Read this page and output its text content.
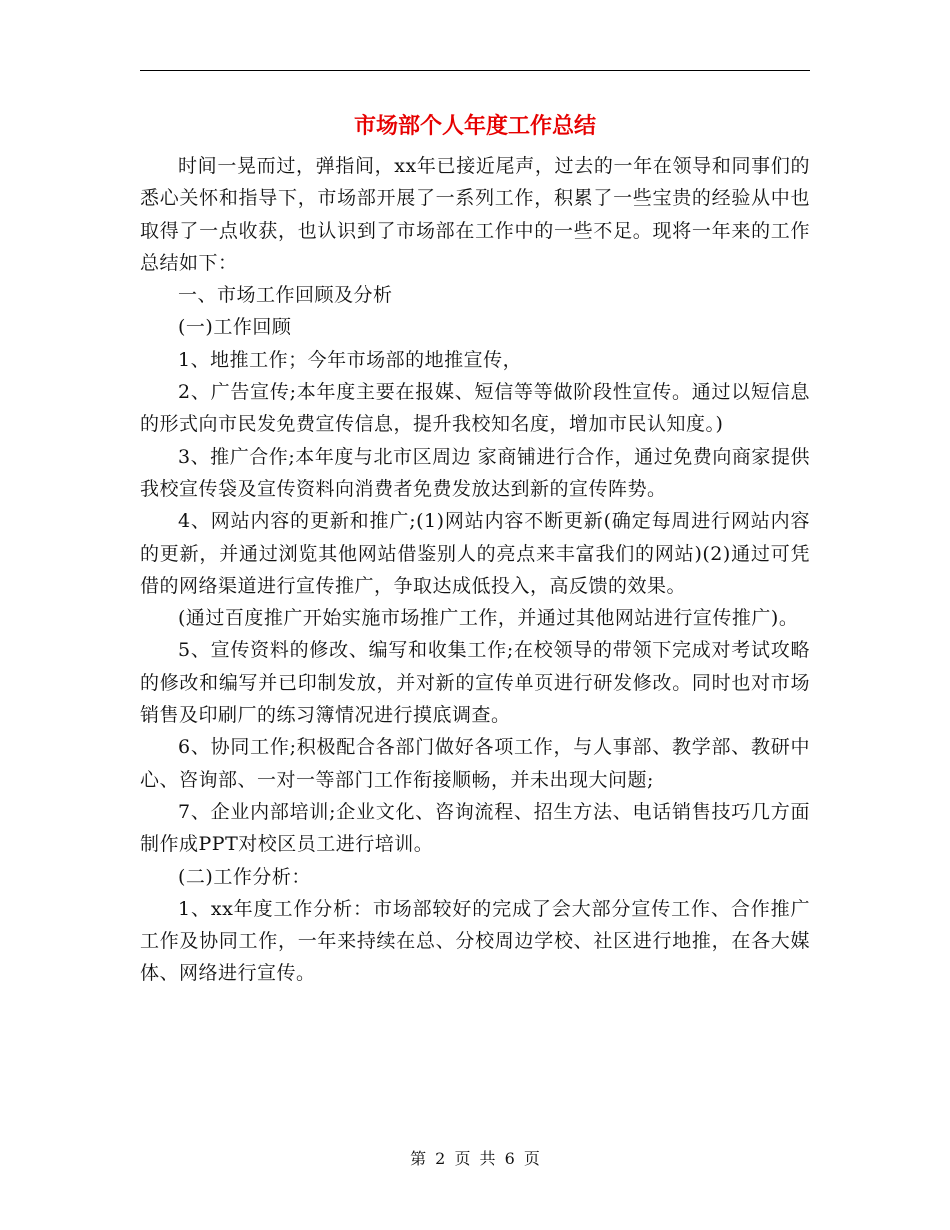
市场部个人年度工作总结

时间一晃而过，弹指间，xx年已接近尾声，过去的一年在领导和同事们的悉心关怀和指导下，市场部开展了一系列工作，积累了一些宝贵的经验从中也取得了一点收获，也认识到了市场部在工作中的一些不足。现将一年来的工作总结如下：

一、市场工作回顾及分析

(一)工作回顾

1、地推工作；今年市场部的地推宣传，

2、广告宣传;本年度主要在报媒、短信等等做阶段性宣传。通过以短信息的形式向市民发免费宣传信息，提升我校知名度，增加市民认知度。)

3、推广合作;本年度与北市区周边 家商铺进行合作，通过免费向商家提供我校宣传袋及宣传资料向消费者免费发放达到新的宣传阵势。

4、网站内容的更新和推广;(1)网站内容不断更新(确定每周进行网站内容的更新，并通过浏览其他网站借鉴别人的亮点来丰富我们的网站)(2)通过可凭借的网络渠道进行宣传推广，争取达成低投入，高反馈的效果。

(通过百度推广开始实施市场推广工作，并通过其他网站进行宣传推广)。

5、宣传资料的修改、编写和收集工作;在校领导的带领下完成对考试攻略的修改和编写并已印制发放，并对新的宣传单页进行研发修改。同时也对市场销售及印刷厂的练习簿情况进行摸底调查。

6、协同工作;积极配合各部门做好各项工作，与人事部、教学部、教研中心、咨询部、一对一等部门工作衔接顺畅，并未出现大问题;

7、企业内部培训;企业文化、咨询流程、招生方法、电话销售技巧几方面制作成PPT对校区员工进行培训。

(二)工作分析：

1、xx年度工作分析：市场部较好的完成了会大部分宣传工作、合作推广工作及协同工作，一年来持续在总、分校周边学校、社区进行地推，在各大媒体、网络进行宣传。

第 2 页 共 6 页
